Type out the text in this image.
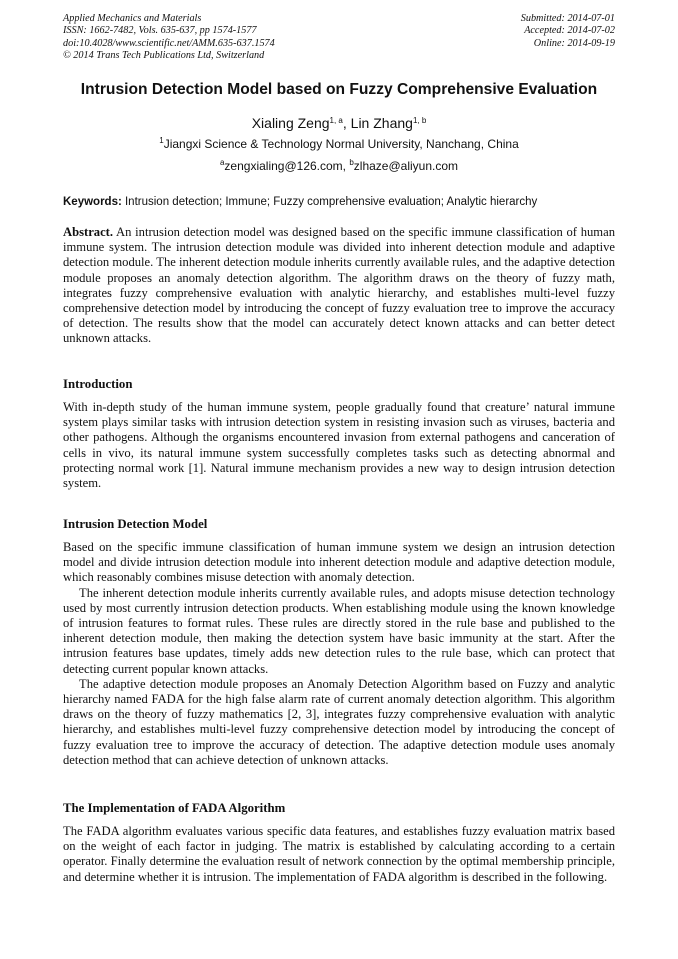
Applied Mechanics and Materials
ISSN: 1662-7482, Vols. 635-637, pp 1574-1577
doi:10.4028/www.scientific.net/AMM.635-637.1574
© 2014 Trans Tech Publications Ltd, Switzerland
Submitted: 2014-07-01
Accepted: 2014-07-02
Online: 2014-09-19
Intrusion Detection Model based on Fuzzy Comprehensive Evaluation
Xialing Zeng$^{1, a}$, Lin Zhang$^{1, b}$
$^1$Jiangxi Science & Technology Normal University, Nanchang, China
$^a$zengxialing@126.com, $^b$zlhaze@aliyun.com
Keywords: Intrusion detection; Immune; Fuzzy comprehensive evaluation; Analytic hierarchy

Abstract. An intrusion detection model was designed based on the specific immune classification of human immune system. The intrusion detection module was divided into inherent detection module and adaptive detection module. The inherent detection module inherits currently available rules, and the adaptive detection module proposes an anomaly detection algorithm. The algorithm draws on the theory of fuzzy math, integrates fuzzy comprehensive evaluation with analytic hierarchy, and establishes multi-level fuzzy comprehensive detection model by introducing the concept of fuzzy evaluation tree to improve the accuracy of detection. The results show that the model can accurately detect known attacks and can better detect unknown attacks.

Introduction

With in-depth study of the human immune system, people gradually found that creature’ natural immune system plays similar tasks with intrusion detection system in resisting invasion such as viruses, bacteria and other pathogens. Although the organisms encountered invasion from external pathogens and canceration of cells in vivo, its natural immune system successfully completes tasks such as detecting abnormal and protecting normal work [1]. Natural immune mechanism provides a new way to design intrusion detection system.

Intrusion Detection Model

Based on the specific immune classification of human immune system we design an intrusion detection model and divide intrusion detection module into inherent detection module and adaptive detection module, which reasonably combines misuse detection with anomaly detection.

The inherent detection module inherits currently available rules, and adopts misuse detection technology used by most currently intrusion detection products. When establishing module using the known knowledge of intrusion features to format rules. These rules are directly stored in the rule base and published to the inherent detection module, then making the detection system have basic immunity at the start. After the intrusion features base updates, timely adds new detection rules to the rule base, which can protect that detecting current popular known attacks.

The adaptive detection module proposes an Anomaly Detection Algorithm based on Fuzzy and analytic hierarchy named FADA for the high false alarm rate of current anomaly detection algorithm. This algorithm draws on the theory of fuzzy mathematics [2, 3], integrates fuzzy comprehensive evaluation with analytic hierarchy, and establishes multi-level fuzzy comprehensive detection model by introducing the concept of fuzzy evaluation tree to improve the accuracy of detection. The adaptive detection module uses anomaly detection method that can achieve detection of unknown attacks.

The Implementation of FADA Algorithm

The FADA algorithm evaluates various specific data features, and establishes fuzzy evaluation matrix based on the weight of each factor in judging. The matrix is established by calculating according to a certain operator. Finally determine the evaluation result of network connection by the optimal membership principle, and determine whether it is intrusion. The implementation of FADA algorithm is described in the following.
